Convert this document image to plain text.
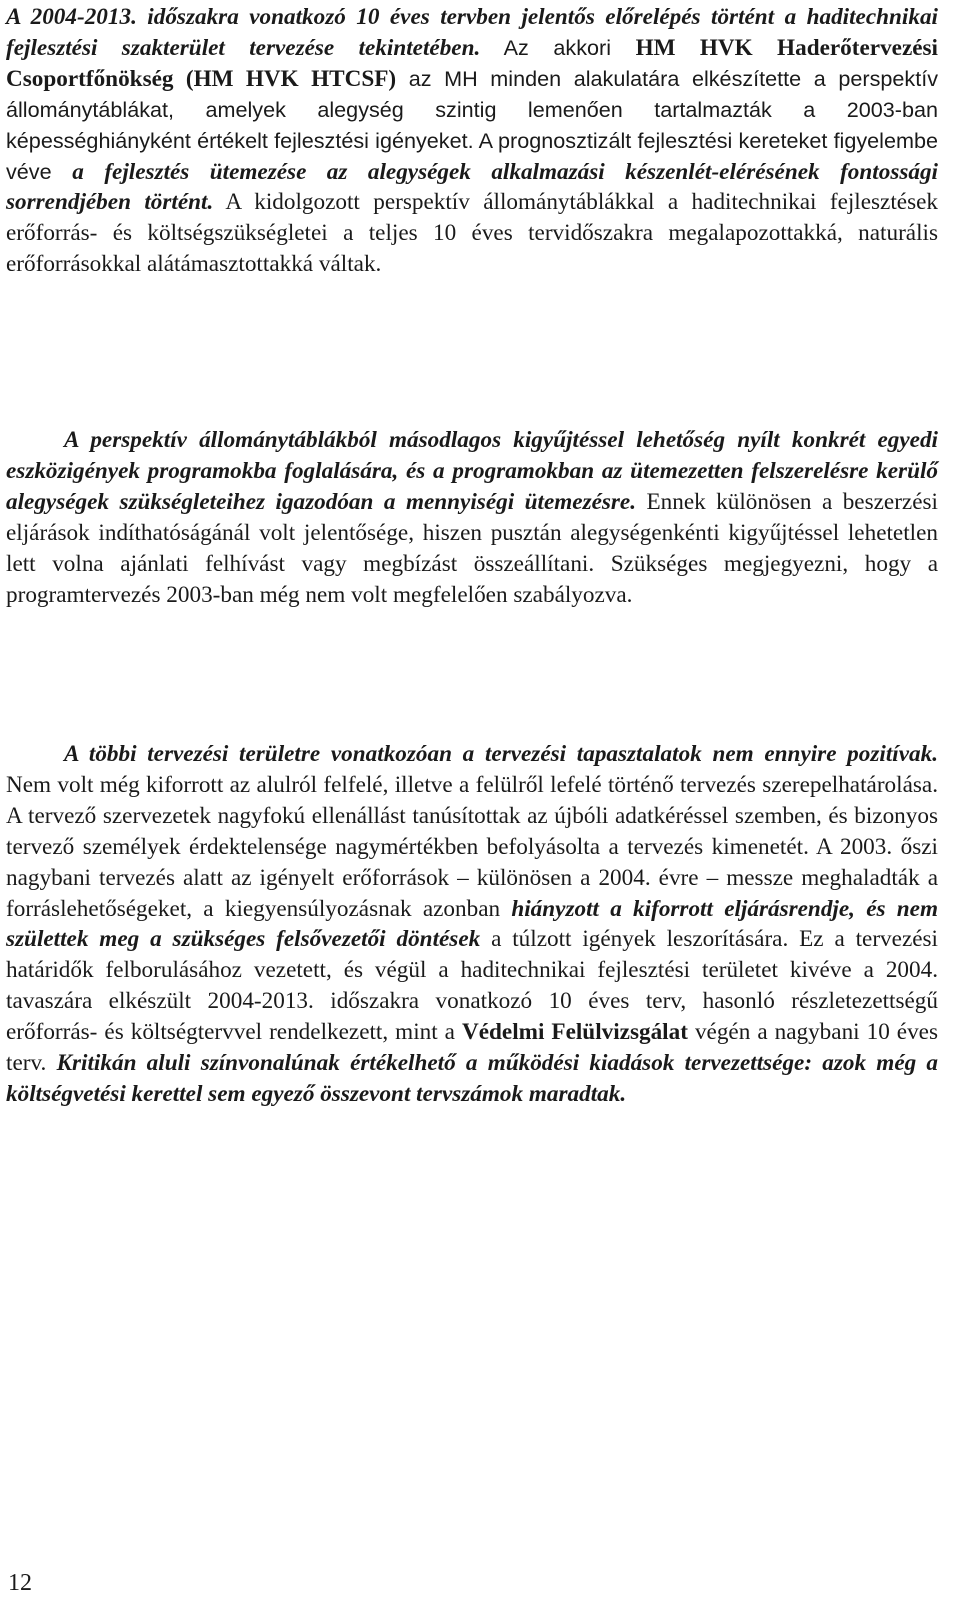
A 2004-2013. időszakra vonatkozó 10 éves tervben jelentős előrelépés történt a haditechnikai fejlesztési szakterület tervezése tekintetében. Az akkori HM HVK Haderőtervezési Csoportfőnökség (HM HVK HTCSF) az MH minden alakulatára elkészítette a perspektív állománytáblákat, amelyek alegység szintig lemenően tartalmazták a 2003-ban képességhiányként értékelt fejlesztési igényeket. A prognosztizált fejlesztési kereteket figyelembe véve a fejlesztés ütemezése az alegységek alkalmazási készenlét-elérésének fontossági sorrendjében történt. A kidolgozott perspektív állománytáblákkal a haditechnikai fejlesztések erőforrás- és költségszükségletei a teljes 10 éves tervidőszakra megalapozottakká, naturális erőforrásokkal alátámasztottakká váltak.

A perspektív állománytáblákból másodlagos kigyűjtéssel lehetőség nyílt konkrét egyedi eszközigények programokba foglalására, és a programokban az ütemezetten felszerelésre kerülő alegységek szükségleteihez igazodóan a mennyiségi ütemezésre. Ennek különösen a beszerzési eljárások indíthatóságánál volt jelentősége, hiszen pusztán alegységenkénti kigyűjtéssel lehetetlen lett volna ajánlati felhívást vagy megbízást összeállítani. Szükséges megjegyezni, hogy a programtervezés 2003-ban még nem volt megfelelően szabályozva.

A többi tervezési területre vonatkozóan a tervezési tapasztalatok nem ennyire pozitívak. Nem volt még kiforrott az alulról felfelé, illetve a felülről lefelé történő tervezés szerepelhatárolása. A tervező szervezetek nagyfokú ellenállást tanúsítottak az újbóli adatkéréssel szemben, és bizonyos tervező személyek érdektelensége nagymértékben befolyásolta a tervezés kimenetét. A 2003. őszi nagybani tervezés alatt az igényelt erőforrások – különösen a 2004. évre – messze meghaladták a forráslehetőségeket, a kiegyensúlyozásnak azonban hiányzott a kiforrott eljárásrendje, és nem születtek meg a szükséges felsővezetői döntések a túlzott igények leszorítására. Ez a tervezési határidők felborulásához vezetett, és végül a haditechnikai fejlesztési területet kivéve a 2004. tavaszára elkészült 2004-2013. időszakra vonatkozó 10 éves terv, hasonló részletezettségű erőforrás- és költségtervvel rendelkezett, mint a Védelmi Felülvizsgálat végén a nagybani 10 éves terv. Kritikán aluli színvonalúnak értékelhető a működési kiadások tervezettsége: azok még a költségvetési kerettel sem egyező összevont tervszámok maradtak.

12
